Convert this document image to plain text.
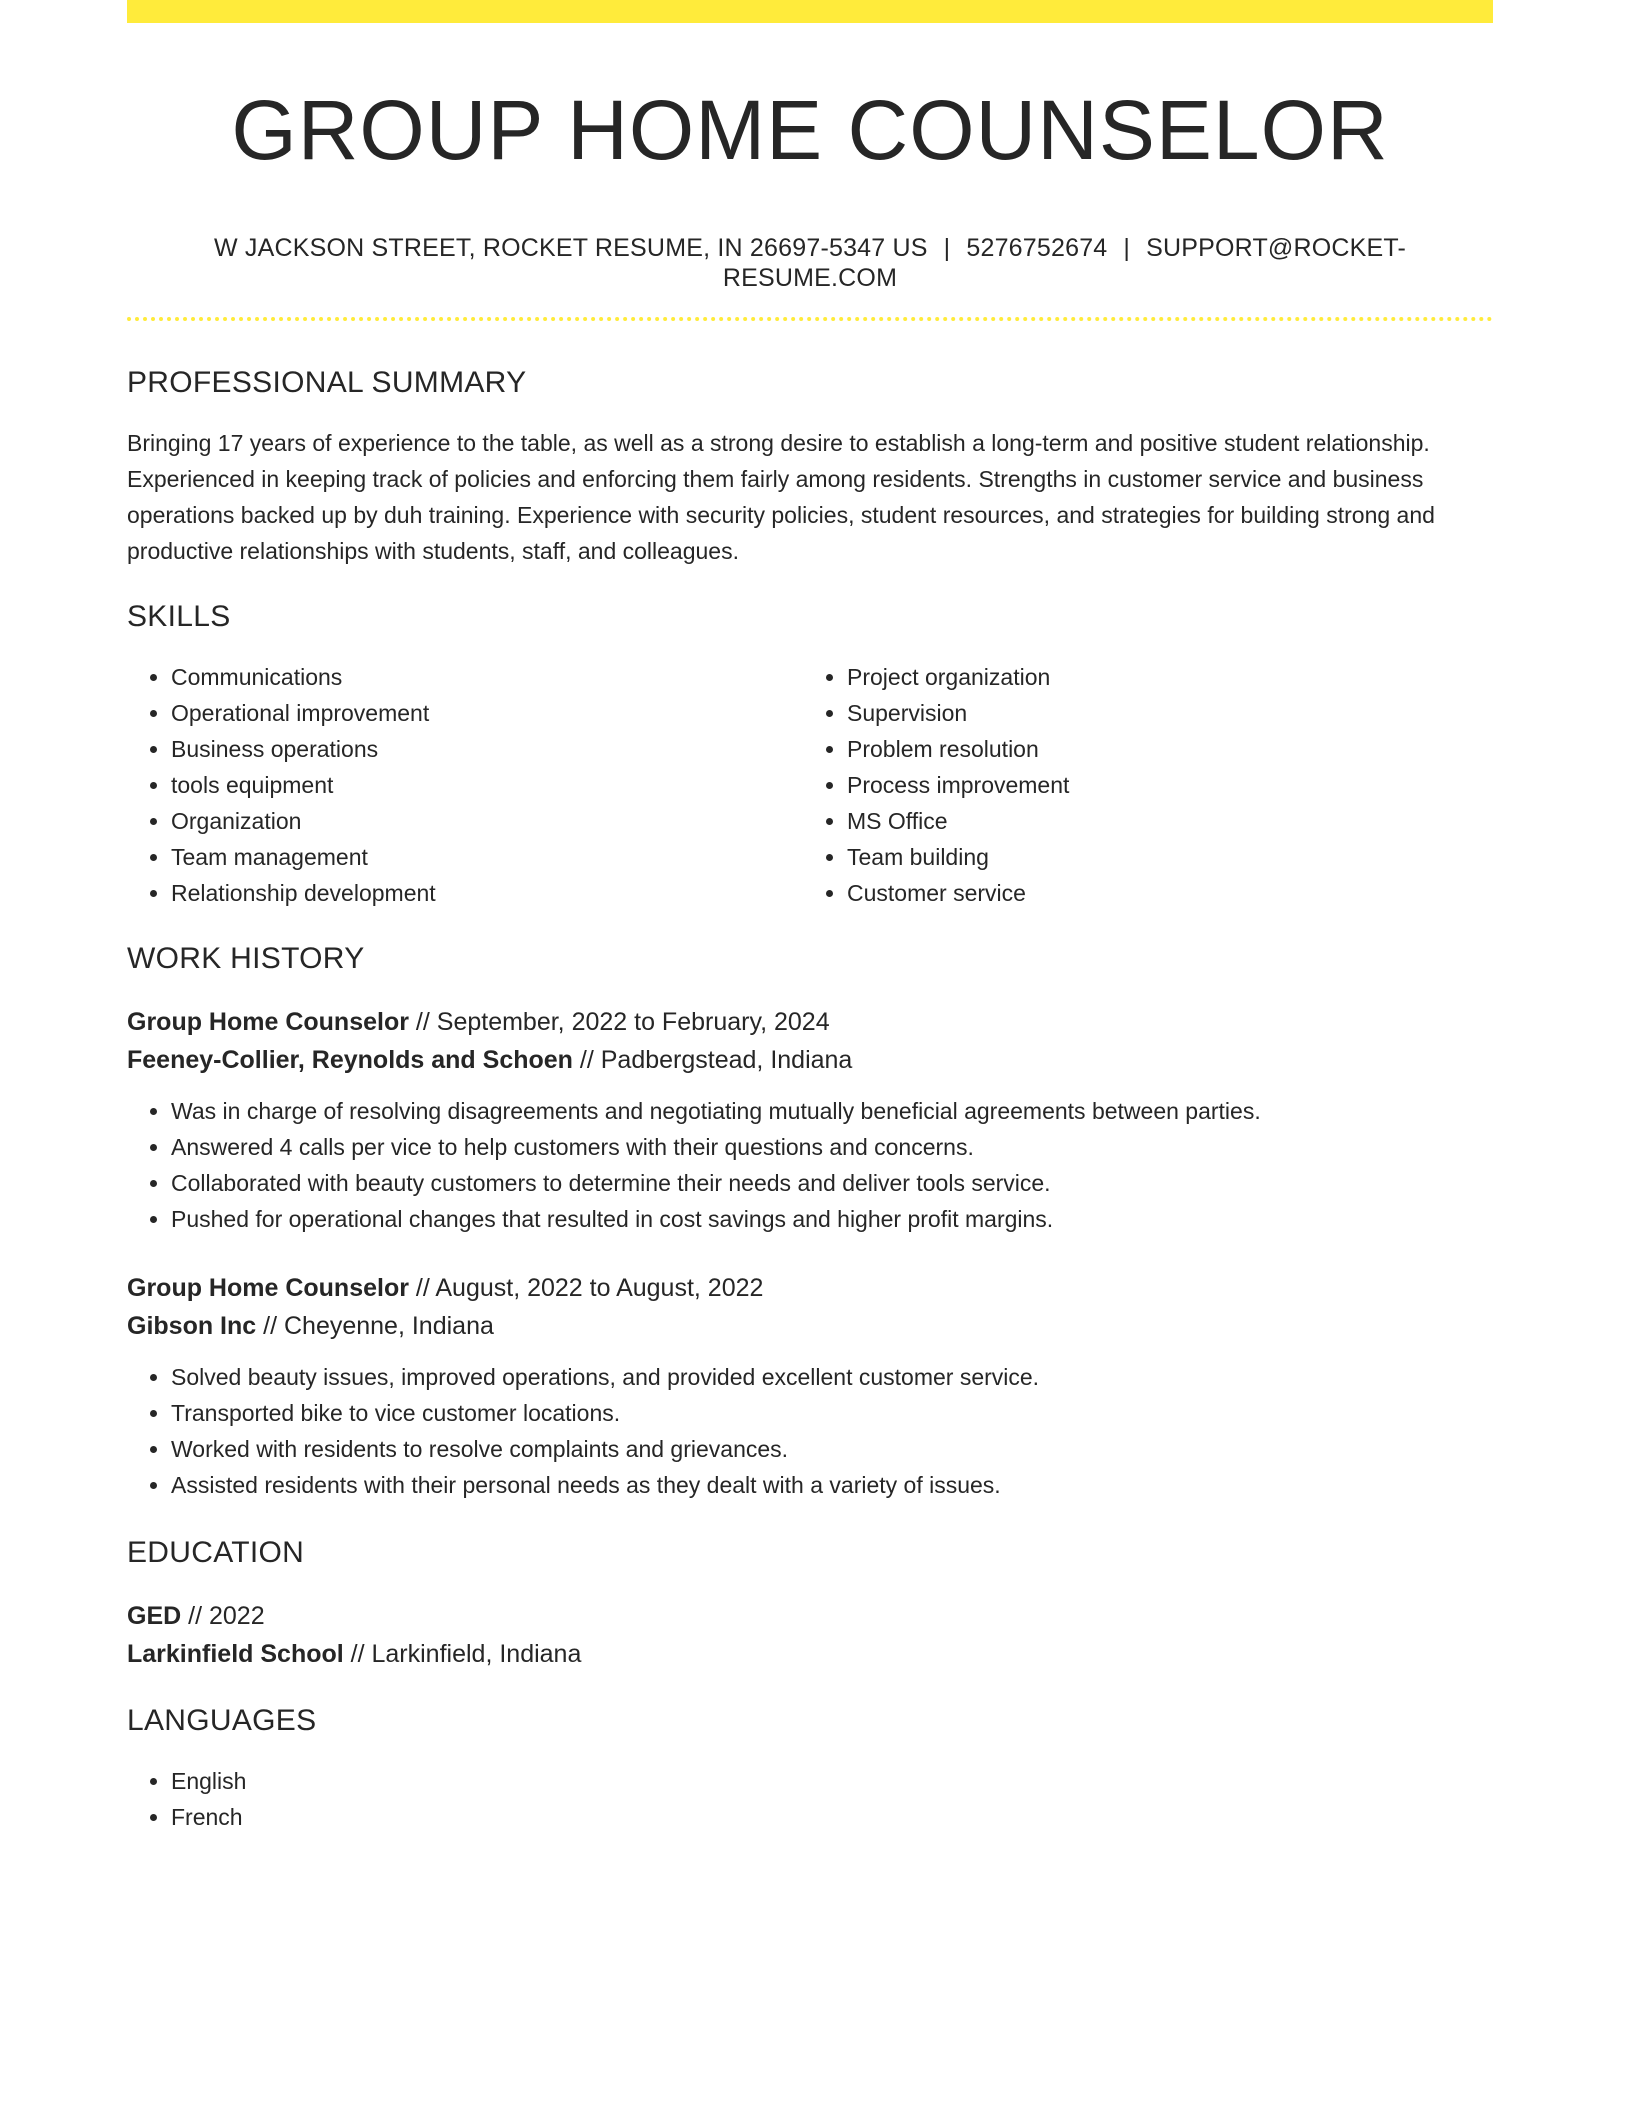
GROUP HOME COUNSELOR
W JACKSON STREET, ROCKET RESUME, IN 26697-5347 US | 5276752674 | SUPPORT@ROCKET-RESUME.COM
PROFESSIONAL SUMMARY
Bringing 17 years of experience to the table, as well as a strong desire to establish a long-term and positive student relationship. Experienced in keeping track of policies and enforcing them fairly among residents. Strengths in customer service and business operations backed up by duh training. Experience with security policies, student resources, and strategies for building strong and productive relationships with students, staff, and colleagues.
SKILLS
• Communications
• Operational improvement
• Business operations
• tools equipment
• Organization
• Team management
• Relationship development
• Project organization
• Supervision
• Problem resolution
• Process improvement
• MS Office
• Team building
• Customer service
WORK HISTORY
Group Home Counselor // September, 2022 to February, 2024
Feeney-Collier, Reynolds and Schoen // Padbergstead, Indiana
• Was in charge of resolving disagreements and negotiating mutually beneficial agreements between parties.
• Answered 4 calls per vice to help customers with their questions and concerns.
• Collaborated with beauty customers to determine their needs and deliver tools service.
• Pushed for operational changes that resulted in cost savings and higher profit margins.
Group Home Counselor // August, 2022 to August, 2022
Gibson Inc // Cheyenne, Indiana
• Solved beauty issues, improved operations, and provided excellent customer service.
• Transported bike to vice customer locations.
• Worked with residents to resolve complaints and grievances.
• Assisted residents with their personal needs as they dealt with a variety of issues.
EDUCATION
GED // 2022
Larkinfield School // Larkinfield, Indiana
LANGUAGES
• English
• French
